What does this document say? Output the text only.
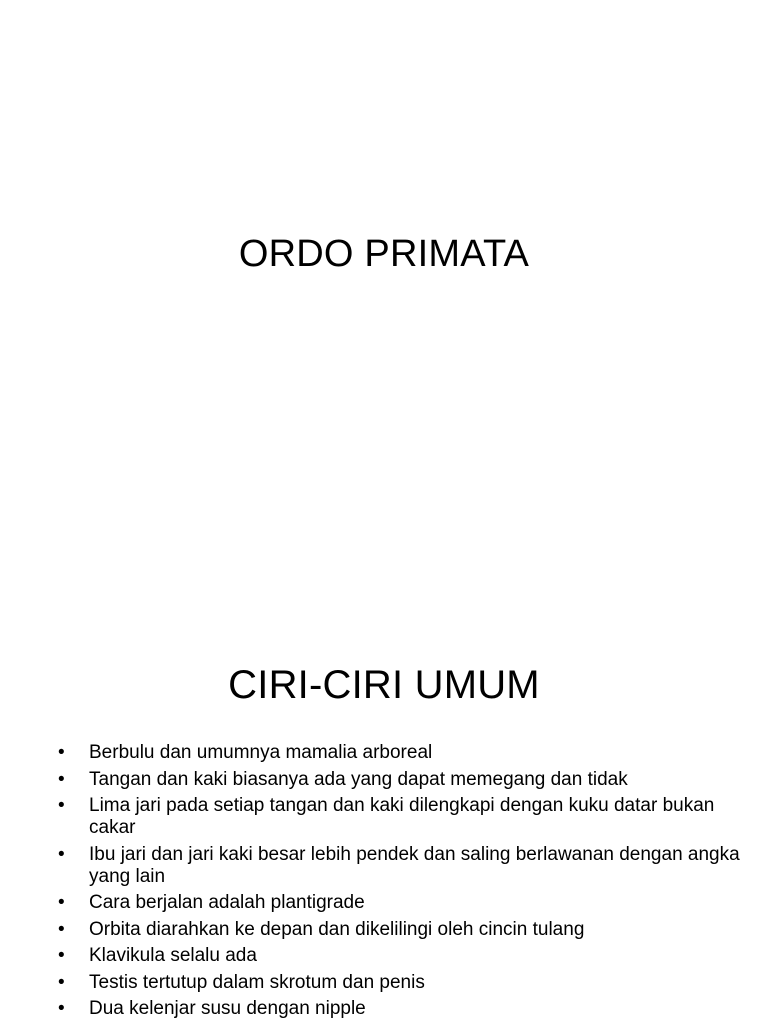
ORDO PRIMATA
CIRI-CIRI UMUM
•	Berbulu dan umumnya mamalia arboreal
•	Tangan dan kaki biasanya ada yang dapat memegang dan tidak
•	Lima jari pada setiap tangan dan kaki dilengkapi dengan kuku datar bukan cakar
•	Ibu jari dan jari kaki besar lebih pendek dan saling berlawanan dengan angka yang lain
•	Cara berjalan adalah plantigrade
•	Orbita diarahkan ke depan dan dikelilingi oleh cincin tulang
•	Klavikula selalu ada
•	Testis tertutup dalam skrotum dan penis
•	Dua kelenjar susu dengan nipple
